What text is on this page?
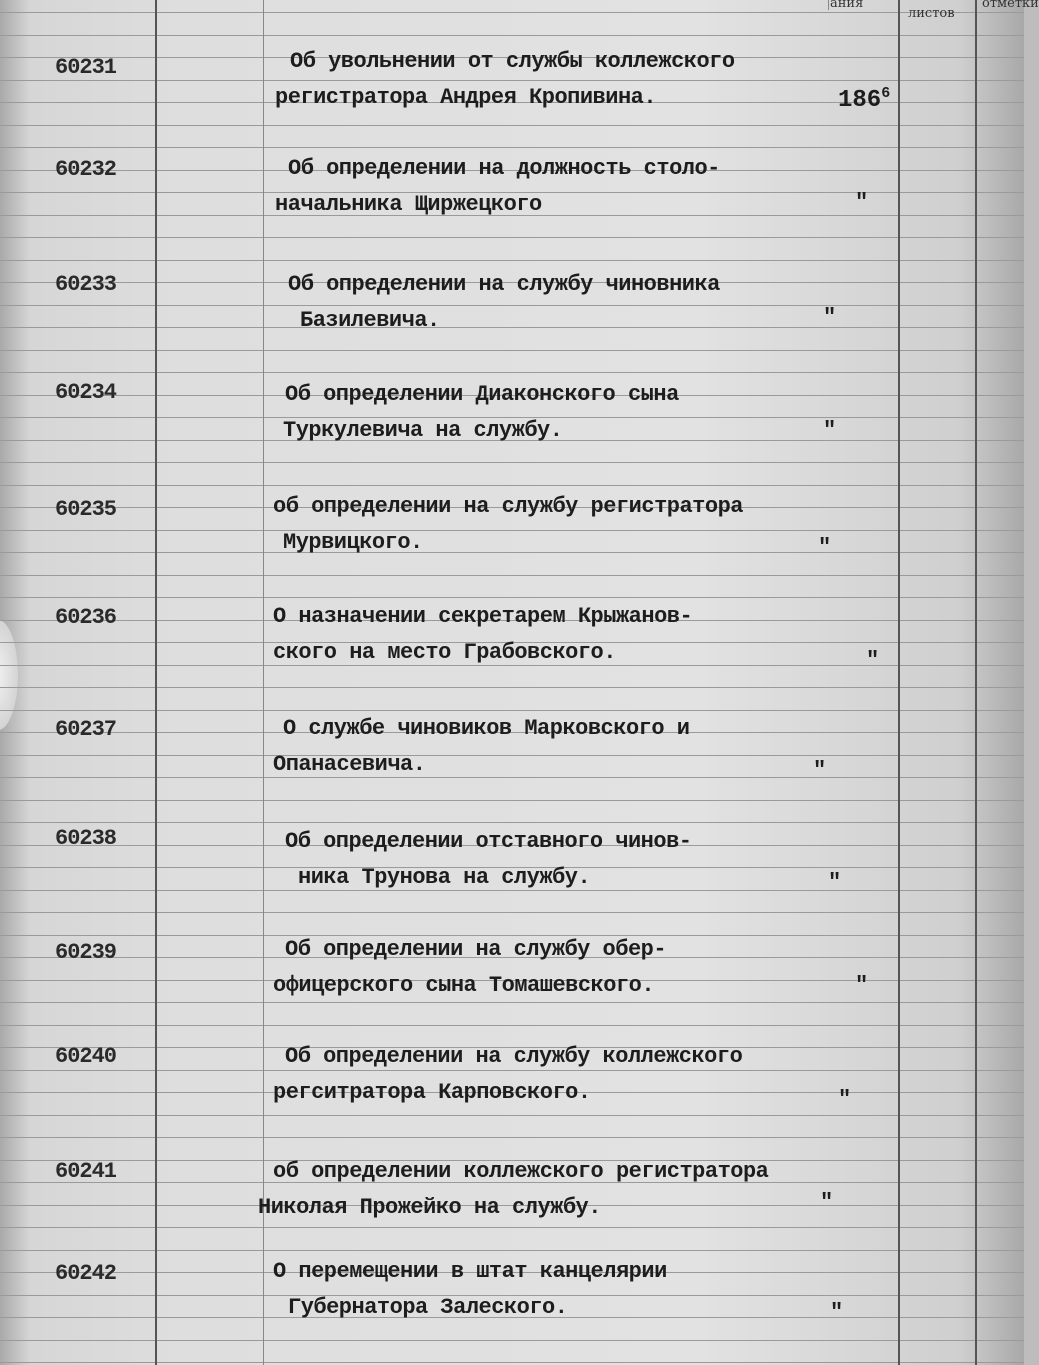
ания
листов
отметки
60231	Об увольнении от службы коллежского
регистратора Андрея Кропивина.	$186^6$
60232	Об определении на должность столо-
начальника Щиржецкого	"
60233	Об определении на службу чиновника
Базилевича.	"
60234	Об определении Диаконского сына
Туркулевича на службу.	"
60235	об определении на службу регистратора
Мурвицкого.	"
60236	О назначении секретарем Крыжанов-
ского на место Грабовского.	"
60237	О службе чиновиков Марковского и
Опанасевича.	"
60238	Об определении отставного чинов-
ника Трунова на службу.	"
60239	Об определении на службу обер-
офицерского сына Томашевского.	"
60240	Об определении на службу коллежского
регситратора Карповского.	"
60241	об определении коллежского регистратора
Николая Прожейко на службу.	"
60242	О перемещении в штат канцелярии
Губернатора Залеского.	"
